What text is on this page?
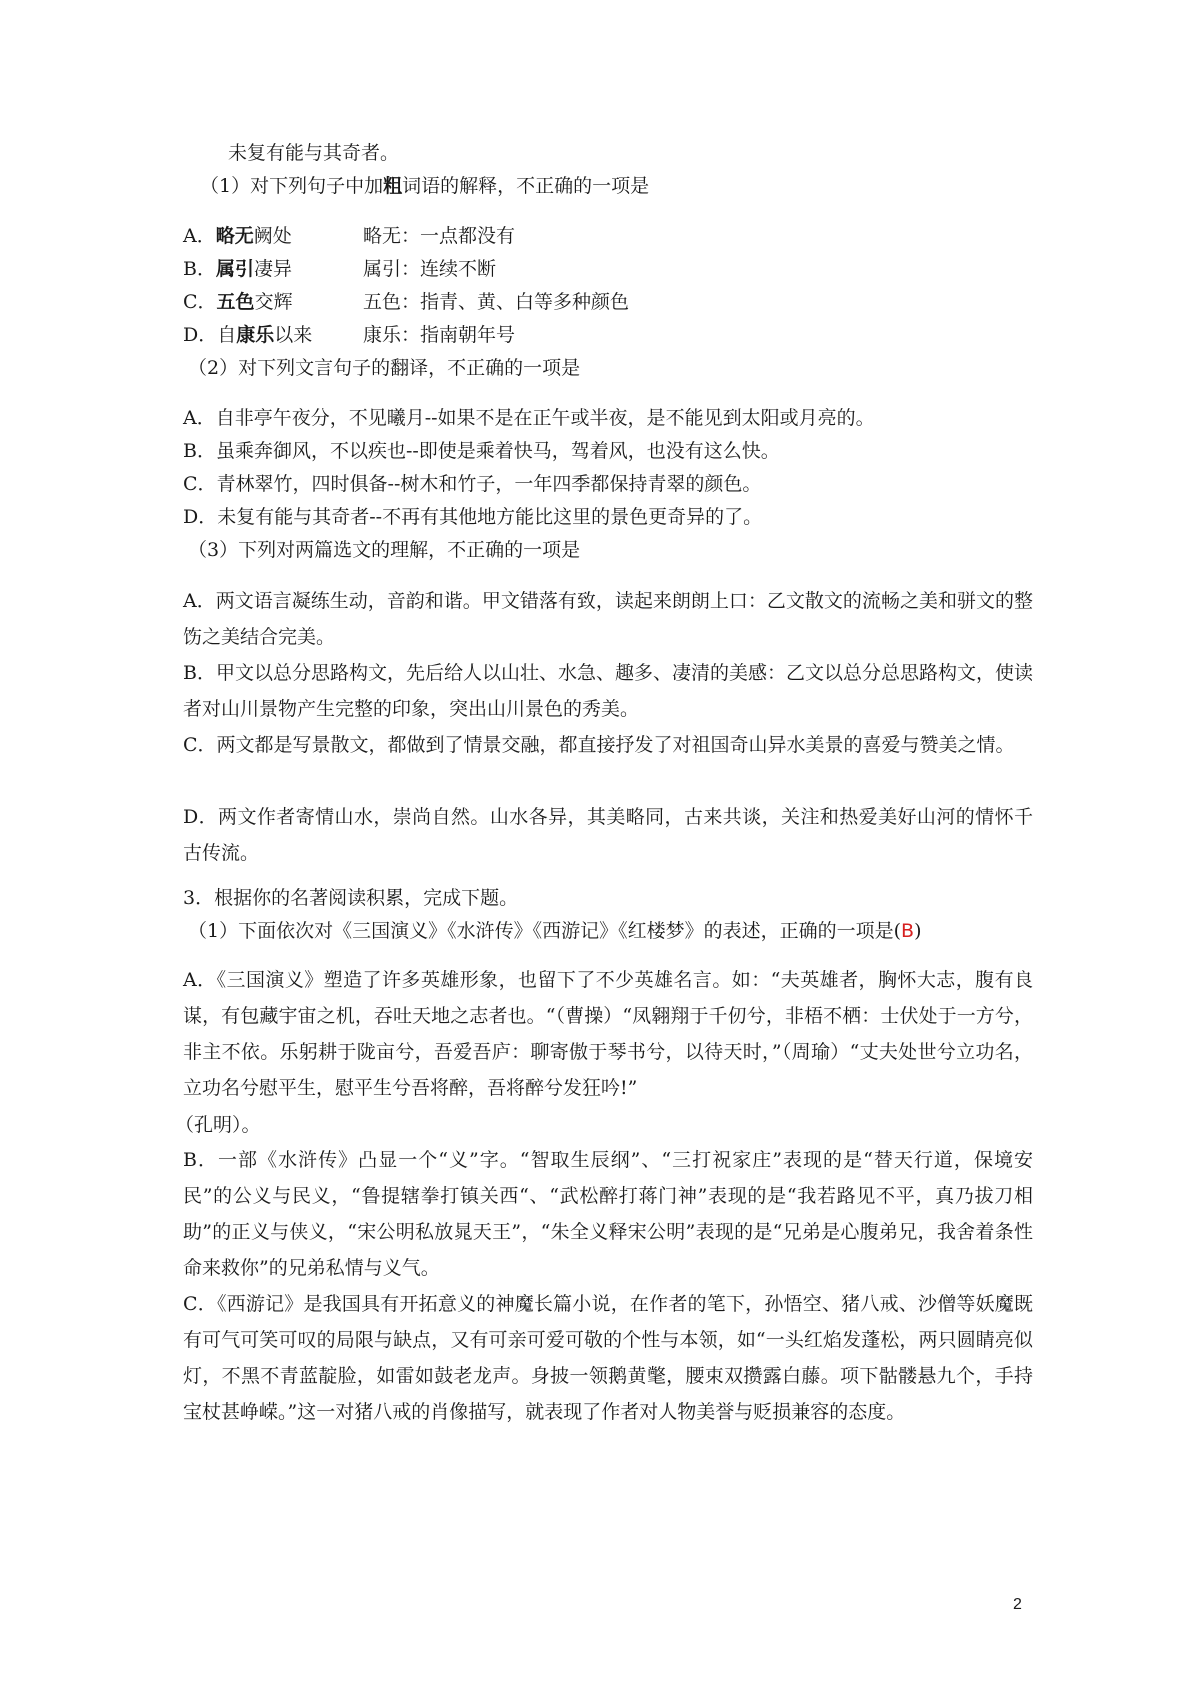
未复有能与其奇者。
（1）对下列句子中加粗词语的解释，不正确的一项是
A．略无阙处	略无：一点都没有
B．属引凄异	属引：连续不断
C．五色交辉	五色：指青、黄、白等多种颜色
D．自康乐以来	康乐：指南朝年号
（2）对下列文言句子的翻译，不正确的一项是
A．自非亭午夜分，不见曦月--如果不是在正午或半夜，是不能见到太阳或月亮的。
B．虽乘奔御风，不以疾也--即使是乘着快马，驾着风，也没有这么快。
C．青林翠竹，四时俱备--树木和竹子，一年四季都保持青翠的颜色。
D．未复有能与其奇者--不再有其他地方能比这里的景色更奇异的了。
（3）下列对两篇选文的理解，不正确的一项是
A．两文语言凝练生动，音韵和谐。甲文错落有致，读起来朗朗上口：乙文散文的流畅之美和骈文的整饬之美结合完美。
B．甲文以总分思路构文，先后给人以山壮、水急、趣多、凄清的美感：乙文以总分总思路构文，使读者对山川景物产生完整的印象，突出山川景色的秀美。
C．两文都是写景散文，都做到了情景交融，都直接抒发了对祖国奇山异水美景的喜爱与赞美之情。
D．两文作者寄情山水，崇尚自然。山水各异，其美略同，古来共谈，关注和热爱美好山河的情怀千古传流。
3．根据你的名著阅读积累，完成下题。
（1）下面依次对《三国演义》《水浒传》《西游记》《红楼梦》的表述，正确的一项是(B)
A．《三国演义》塑造了许多英雄形象，也留下了不少英雄名言。如：“夫英雄者，胸怀大志，腹有良谋，有包藏宇宙之机，吞吐天地之志者也。“（曹操）“凤翱翔于千仞兮，非梧不栖：士伏处于一方兮，非主不依。乐躬耕于陇亩兮，吾爱吾庐：聊寄傲于琴书兮，以待天时，”（周瑜）“丈夫处世兮立功名，立功名兮慰平生，慰平生兮吾将醉，吾将醉兮发狂吟!”
（孔明）。
B．一部《水浒传》凸显一个“义”字。“智取生辰纲”、“三打祝家庄”表现的是“替天行道，保境安民”的公义与民义，“鲁提辖拳打镇关西“、“武松醉打蒋门神”表现的是“我若路见不平，真乃拔刀相助”的正义与侠义，“宋公明私放晁天王”，“朱全义释宋公明”表现的是“兄弟是心腹弟兄，我舍着条性命来救你”的兄弟私情与义气。
C．《西游记》是我国具有开拓意义的神魔长篇小说，在作者的笔下，孙悟空、猪八戒、沙僧等妖魔既有可气可笑可叹的局限与缺点，又有可亲可爱可敬的个性与本领，如“一头红焰发蓬松，两只圆睛亮似灯，不黑不青蓝靛脸，如雷如鼓老龙声。身披一领鹅黄氅，腰束双攒露白藤。项下骷髅悬九个，手持宝杖甚峥嵘。”这一对猪八戒的肖像描写，就表现了作者对人物美誉与贬损兼容的态度。
2
